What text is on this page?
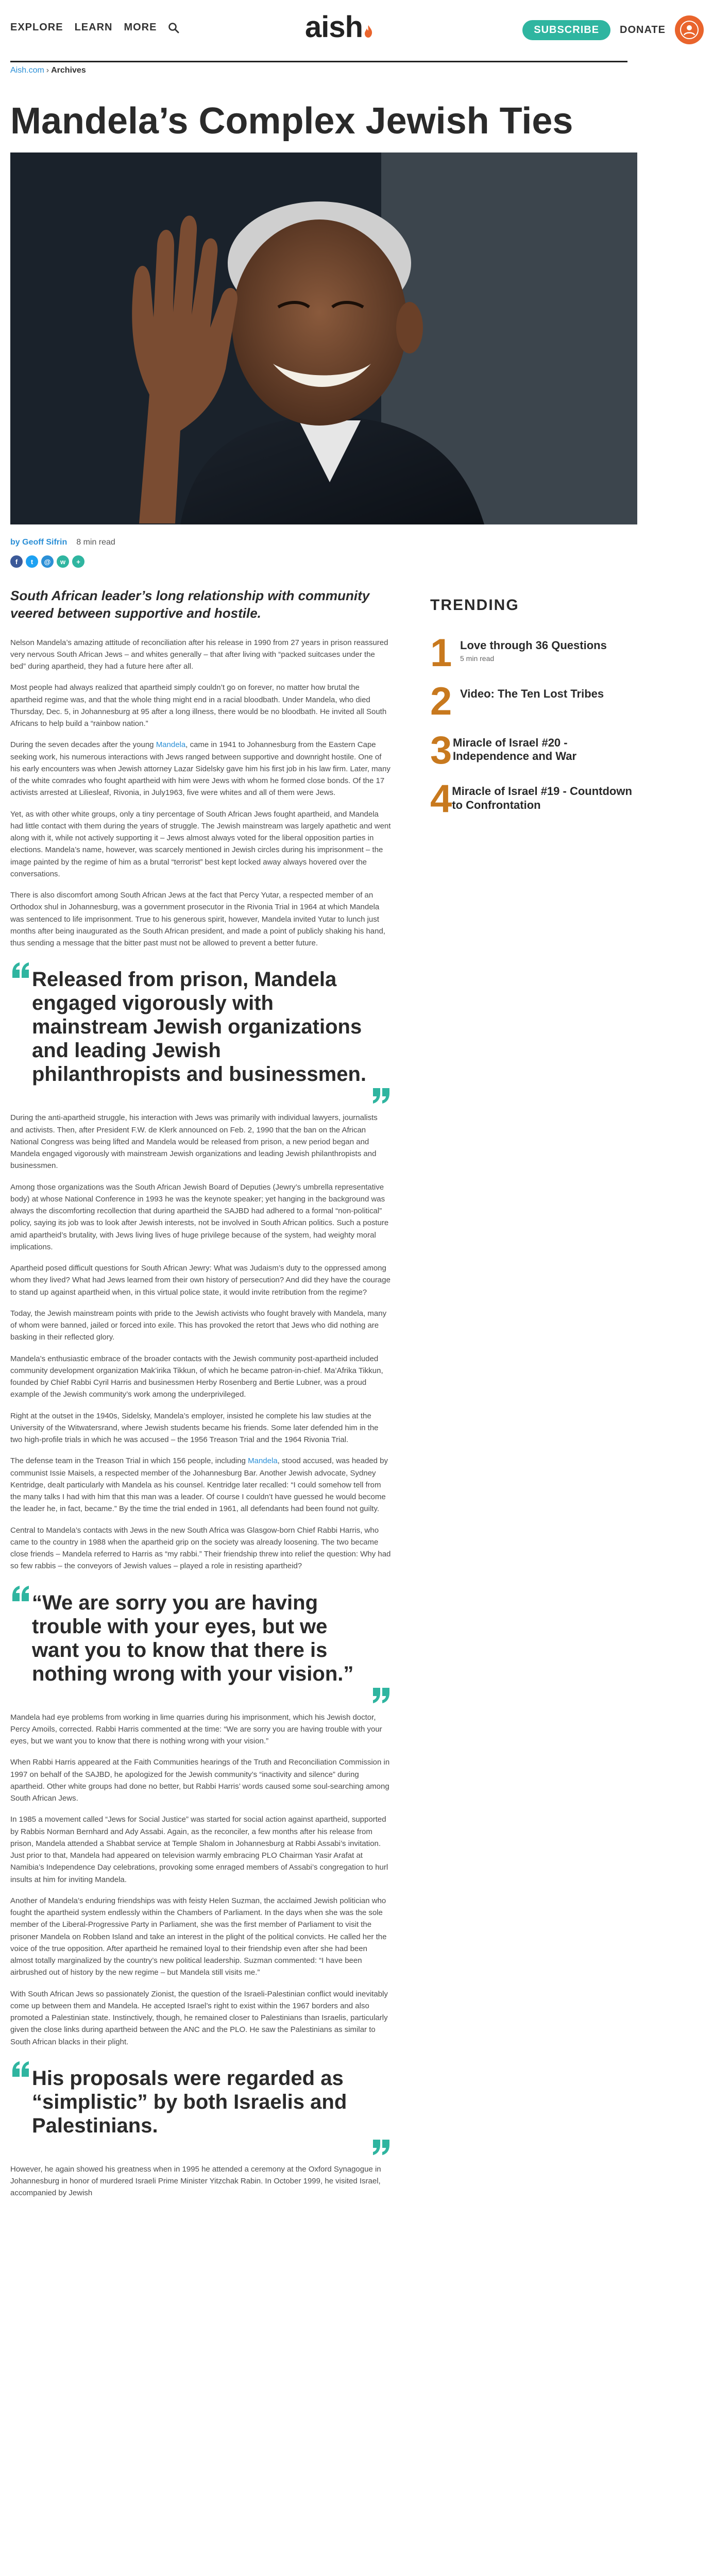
EXPLORE LEARN MORE	aish	SUBSCRIBE	DONATE
Aish.com › Archives
Mandela’s Complex Jewish Ties
by Geoff Sifrin 8 min read
f	t	@	w	+

South African leader’s long relationship with community veered between supportive and hostile.

Nelson Mandela’s amazing attitude of reconciliation after his release in 1990 from 27 years in prison reassured very nervous South African Jews – and whites generally – that after living with “packed suitcases under the bed” during apartheid, they had a future here after all.

Most people had always realized that apartheid simply couldn’t go on forever, no matter how brutal the apartheid regime was, and that the whole thing might end in a racial bloodbath. Under Mandela, who died Thursday, Dec. 5, in Johannesburg at 95 after a long illness, there would be no bloodbath. He invited all South Africans to help build a “rainbow nation.”

During the seven decades after the young Mandela, came in 1941 to Johannesburg from the Eastern Cape seeking work, his numerous interactions with Jews ranged between supportive and downright hostile. One of his early encounters was when Jewish attorney Lazar Sidelsky gave him his first job in his law firm. Later, many of the white comrades who fought apartheid with him were Jews with whom he formed close bonds. Of the 17 activists arrested at Liliesleaf, Rivonia, in July1963, five were whites and all of them were Jews.

Yet, as with other white groups, only a tiny percentage of South African Jews fought apartheid, and Mandela had little contact with them during the years of struggle. The Jewish mainstream was largely apathetic and went along with it, while not actively supporting it – Jews almost always voted for the liberal opposition parties in elections. Mandela’s name, however, was scarcely mentioned in Jewish circles during his imprisonment – the image painted by the regime of him as a brutal “terrorist” best kept locked away always hovered over the conversations.

There is also discomfort among South African Jews at the fact that Percy Yutar, a respected member of an Orthodox shul in Johannesburg, was a government prosecutor in the Rivonia Trial in 1964 at which Mandela was sentenced to life imprisonment. True to his generous spirit, however, Mandela invited Yutar to lunch just months after being inaugurated as the South African president, and made a point of publicly shaking his hand, thus sending a message that the bitter past must not be allowed to prevent a better future.

Released from prison, Mandela engaged vigorously with mainstream Jewish organizations and leading Jewish philanthropists and businessmen.

During the anti-apartheid struggle, his interaction with Jews was primarily with individual lawyers, journalists and activists. Then, after President F.W. de Klerk announced on Feb. 2, 1990 that the ban on the African National Congress was being lifted and Mandela would be released from prison, a new period began and Mandela engaged vigorously with mainstream Jewish organizations and leading Jewish philanthropists and businessmen.

Among those organizations was the South African Jewish Board of Deputies (Jewry’s umbrella representative body) at whose National Conference in 1993 he was the keynote speaker; yet hanging in the background was always the discomforting recollection that during apartheid the SAJBD had adhered to a formal “non-political” policy, saying its job was to look after Jewish interests, not be involved in South African politics. Such a posture amid apartheid’s brutality, with Jews living lives of huge privilege because of the system, had weighty moral implications.

Apartheid posed difficult questions for South African Jewry: What was Judaism’s duty to the oppressed among whom they lived? What had Jews learned from their own history of persecution? And did they have the courage to stand up against apartheid when, in this virtual police state, it would invite retribution from the regime?

Today, the Jewish mainstream points with pride to the Jewish activists who fought bravely with Mandela, many of whom were banned, jailed or forced into exile. This has provoked the retort that Jews who did nothing are basking in their reflected glory.

Mandela’s enthusiastic embrace of the broader contacts with the Jewish community post-apartheid included community development organization Mak’irika Tikkun, of which he became patron-in-chief. Ma’Afrika Tikkun, founded by Chief Rabbi Cyril Harris and businessmen Herby Rosenberg and Bertie Lubner, was a proud example of the Jewish community’s work among the underprivileged.

Right at the outset in the 1940s, Sidelsky, Mandela’s employer, insisted he complete his law studies at the University of the Witwatersrand, where Jewish students became his friends. Some later defended him in the two high-profile trials in which he was accused – the 1956 Treason Trial and the 1964 Rivonia Trial.

The defense team in the Treason Trial in which 156 people, including Mandela, stood accused, was headed by communist Issie Maisels, a respected member of the Johannesburg Bar. Another Jewish advocate, Sydney Kentridge, dealt particularly with Mandela as his counsel. Kentridge later recalled: “I could somehow tell from the many talks I had with him that this man was a leader. Of course I couldn’t have guessed he would become the leader he, in fact, became.” By the time the trial ended in 1961, all defendants had been found not guilty.

Central to Mandela’s contacts with Jews in the new South Africa was Glasgow-born Chief Rabbi Harris, who came to the country in 1988 when the apartheid grip on the society was already loosening. The two became close friends – Mandela referred to Harris as “my rabbi.” Their friendship threw into relief the question: Why had so few rabbis – the conveyors of Jewish values – played a role in resisting apartheid?

“We are sorry you are having trouble with your eyes, but we want you to know that there is nothing wrong with your vision.”

Mandela had eye problems from working in lime quarries during his imprisonment, which his Jewish doctor, Percy Amoils, corrected. Rabbi Harris commented at the time: “We are sorry you are having trouble with your eyes, but we want you to know that there is nothing wrong with your vision.”

When Rabbi Harris appeared at the Faith Communities hearings of the Truth and Reconciliation Commission in 1997 on behalf of the SAJBD, he apologized for the Jewish community’s “inactivity and silence” during apartheid. Other white groups had done no better, but Rabbi Harris’ words caused some soul-searching among South African Jews.

In 1985 a movement called “Jews for Social Justice” was started for social action against apartheid, supported by Rabbis Norman Bernhard and Ady Assabi. Again, as the reconciler, a few months after his release from prison, Mandela attended a Shabbat service at Temple Shalom in Johannesburg at Rabbi Assabi’s invitation. Just prior to that, Mandela had appeared on television warmly embracing PLO Chairman Yasir Arafat at Namibia’s Independence Day celebrations, provoking some enraged members of Assabi’s congregation to hurl insults at him for inviting Mandela.

Another of Mandela’s enduring friendships was with feisty Helen Suzman, the acclaimed Jewish politician who fought the apartheid system endlessly within the Chambers of Parliament. In the days when she was the sole member of the Liberal-Progressive Party in Parliament, she was the first member of Parliament to visit the prisoner Mandela on Robben Island and take an interest in the plight of the political convicts. He called her the voice of the true opposition. After apartheid he remained loyal to their friendship even after she had been almost totally marginalized by the country’s new political leadership. Suzman commented: “I have been airbrushed out of history by the new regime – but Mandela still visits me.”

With South African Jews so passionately Zionist, the question of the Israeli-Palestinian conflict would inevitably come up between them and Mandela. He accepted Israel’s right to exist within the 1967 borders and also promoted a Palestinian state. Instinctively, though, he remained closer to Palestinians than Israelis, particularly given the close links during apartheid between the ANC and the PLO. He saw the Palestinians as similar to South African blacks in their plight.

His proposals were regarded as “simplistic” by both Israelis and Palestinians.

However, he again showed his greatness when in 1995 he attended a ceremony at the Oxford Synagogue in Johannesburg in honor of murdered Israeli Prime Minister Yitzchak Rabin. In October 1999, he visited Israel, accompanied by Jewish

TRENDING
1 Love through 36 Questions
5 min read
2 Video: The Ten Lost Tribes
3 Miracle of Israel #20 - Independence and War
4 Miracle of Israel #19 - Countdown to Confrontation
